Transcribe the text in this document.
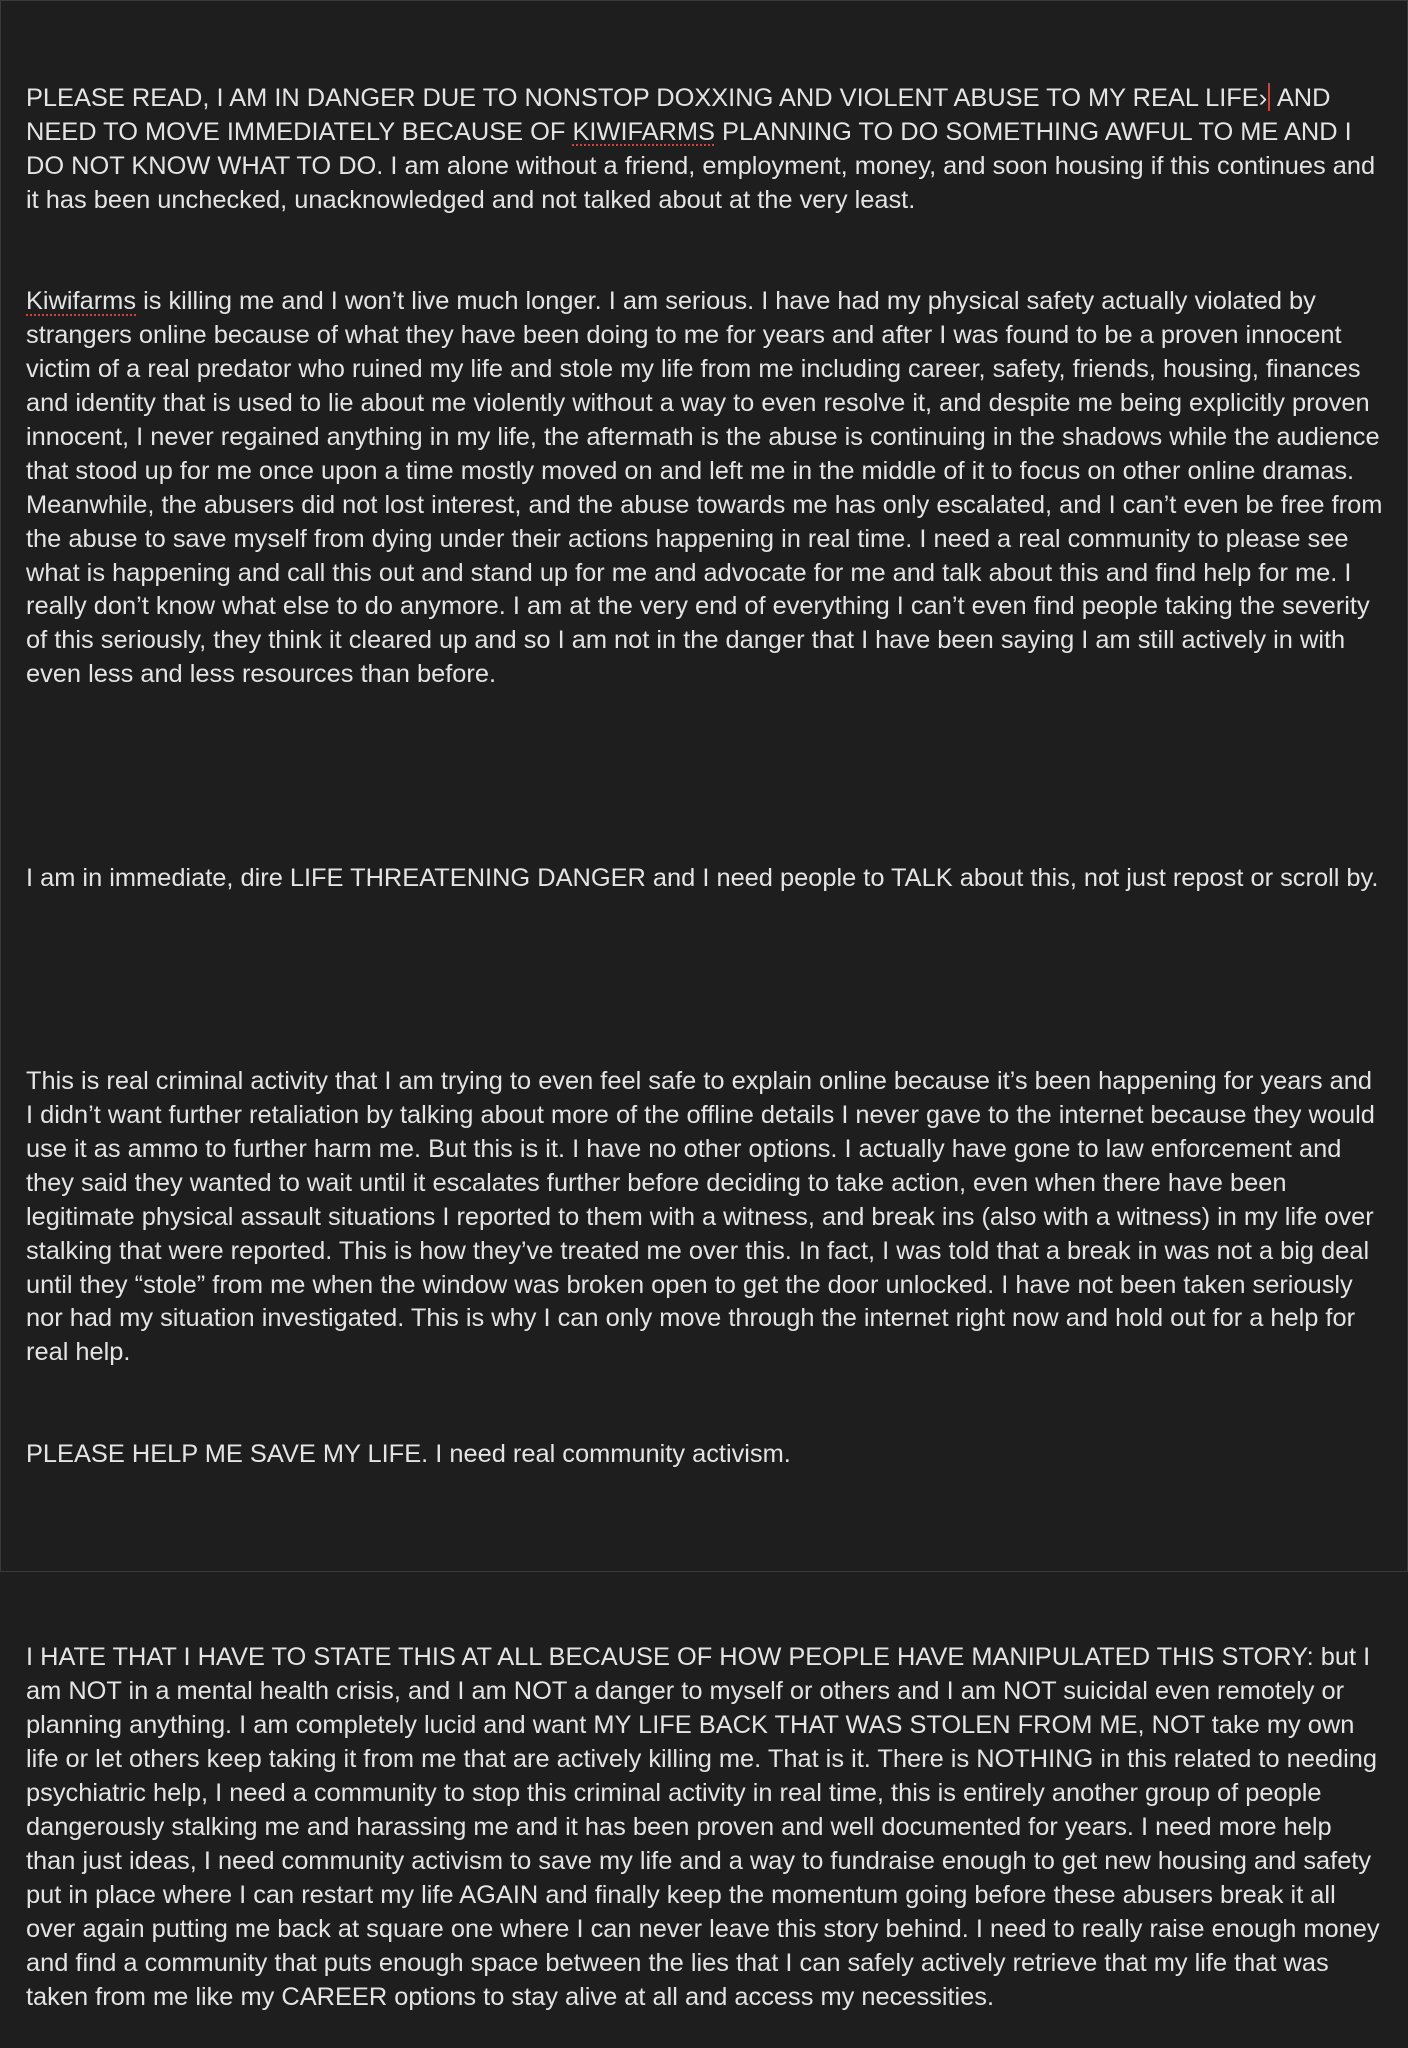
PLEASE READ, I AM IN DANGER DUE TO NONSTOP DOXXING AND VIOLENT ABUSE TO MY REAL LIFE› AND NEED TO MOVE IMMEDIATELY BECAUSE OF KIWIFARMS PLANNING TO DO SOMETHING AWFUL TO ME AND I DO NOT KNOW WHAT TO DO. I am alone without a friend, employment, money, and soon housing if this continues and it has been unchecked, unacknowledged and not talked about at the very least.

Kiwifarms is killing me and I won’t live much longer. I am serious. I have had my physical safety actually violated by strangers online because of what they have been doing to me for years and after I was found to be a proven innocent victim of a real predator who ruined my life and stole my life from me including career, safety, friends, housing, finances and identity that is used to lie about me violently without a way to even resolve it, and despite me being explicitly proven innocent, I never regained anything in my life, the aftermath is the abuse is continuing in the shadows while the audience that stood up for me once upon a time mostly moved on and left me in the middle of it to focus on other online dramas. Meanwhile, the abusers did not lost interest, and the abuse towards me has only escalated, and I can’t even be free from the abuse to save myself from dying under their actions happening in real time. I need a real community to please see what is happening and call this out and stand up for me and advocate for me and talk about this and find help for me. I really don’t know what else to do anymore. I am at the very end of everything I can’t even find people taking the severity of this seriously, they think it cleared up and so I am not in the danger that I have been saying I am still actively in with even less and less resources than before.

I am in immediate, dire LIFE THREATENING DANGER and I need people to TALK about this, not just repost or scroll by.

This is real criminal activity that I am trying to even feel safe to explain online because it’s been happening for years and I didn’t want further retaliation by talking about more of the offline details I never gave to the internet because they would use it as ammo to further harm me. But this is it. I have no other options. I actually have gone to law enforcement and they said they wanted to wait until it escalates further before deciding to take action, even when there have been legitimate physical assault situations I reported to them with a witness, and break ins (also with a witness) in my life over stalking that were reported. This is how they’ve treated me over this. In fact, I was told that a break in was not a big deal until they “stole” from me when the window was broken open to get the door unlocked. I have not been taken seriously nor had my situation investigated. This is why I can only move through the internet right now and hold out for a help for real help.

PLEASE HELP ME SAVE MY LIFE. I need real community activism.

I HATE THAT I HAVE TO STATE THIS AT ALL BECAUSE OF HOW PEOPLE HAVE MANIPULATED THIS STORY: but I am NOT in a mental health crisis, and I am NOT a danger to myself or others and I am NOT suicidal even remotely or planning anything. I am completely lucid and want MY LIFE BACK THAT WAS STOLEN FROM ME, NOT take my own life or let others keep taking it from me that are actively killing me. That is it. There is NOTHING in this related to needing psychiatric help, I need a community to stop this criminal activity in real time, this is entirely another group of people dangerously stalking me and harassing me and it has been proven and well documented for years. I need more help than just ideas, I need community activism to save my life and a way to fundraise enough to get new housing and safety put in place where I can restart my life AGAIN and finally keep the momentum going before these abusers break it all over again putting me back at square one where I can never leave this story behind. I need to really raise enough money and find a community that puts enough space between the lies that I can safely actively retrieve that my life that was taken from me like my CAREER options to stay alive at all and access my necessities.
